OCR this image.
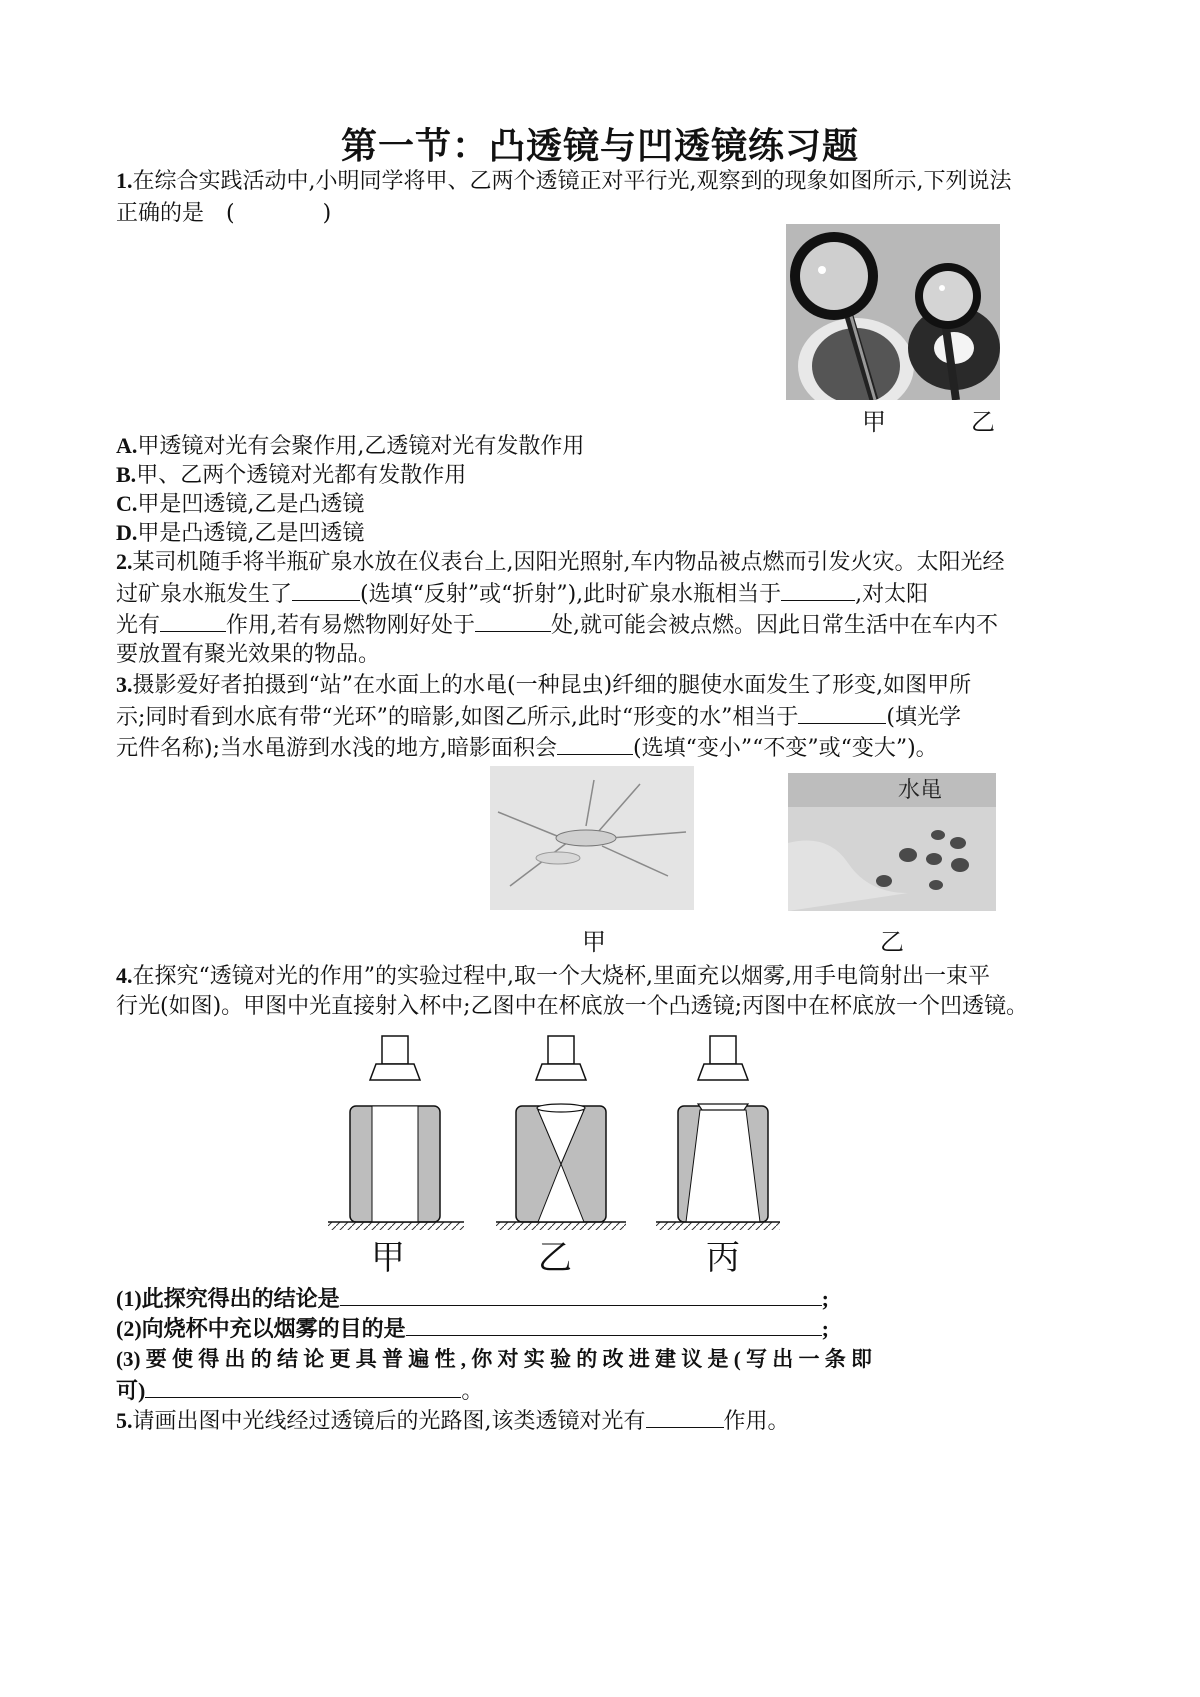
第一节：凸透镜与凹透镜练习题
1.在综合实践活动中,小明同学将甲、乙两个透镜正对平行光,观察到的现象如图所示,下列说法
正确的是　(　　　　)
甲	乙
A.甲透镜对光有会聚作用,乙透镜对光有发散作用
B.甲、乙两个透镜对光都有发散作用
C.甲是凹透镜,乙是凸透镜
D.甲是凸透镜,乙是凹透镜
2.某司机随手将半瓶矿泉水放在仪表台上,因阳光照射,车内物品被点燃而引发火灾。太阳光经
过矿泉水瓶发生了	(选填“反射”或“折射”),此时矿泉水瓶相当于	,对太阳
光有	作用,若有易燃物刚好处于	处,就可能会被点燃。因此日常生活中在车内不
要放置有聚光效果的物品。
3.摄影爱好者拍摄到“站”在水面上的水黾(一种昆虫)纤细的腿使水面发生了形变,如图甲所
示;同时看到水底有带“光环”的暗影,如图乙所示,此时“形变的水”相当于	(填光学
元件名称);当水黾游到水浅的地方,暗影面积会	(选填“变小”“不变”或“变大”)。
水黾
甲	乙
4.在探究“透镜对光的作用”的实验过程中,取一个大烧杯,里面充以烟雾,用手电筒射出一束平
行光(如图)。甲图中光直接射入杯中;乙图中在杯底放一个凸透镜;丙图中在杯底放一个凹透镜。
甲	乙	丙
(1)此探究得出的结论是	;
(2)向烧杯中充以烟雾的目的是	;
(3) 要 使 得 出 的 结 论 更 具 普 遍 性 , 你 对 实 验 的 改 进 建 议 是 ( 写 出 一 条 即
可)	。
5.请画出图中光线经过透镜后的光路图,该类透镜对光有	作用。
